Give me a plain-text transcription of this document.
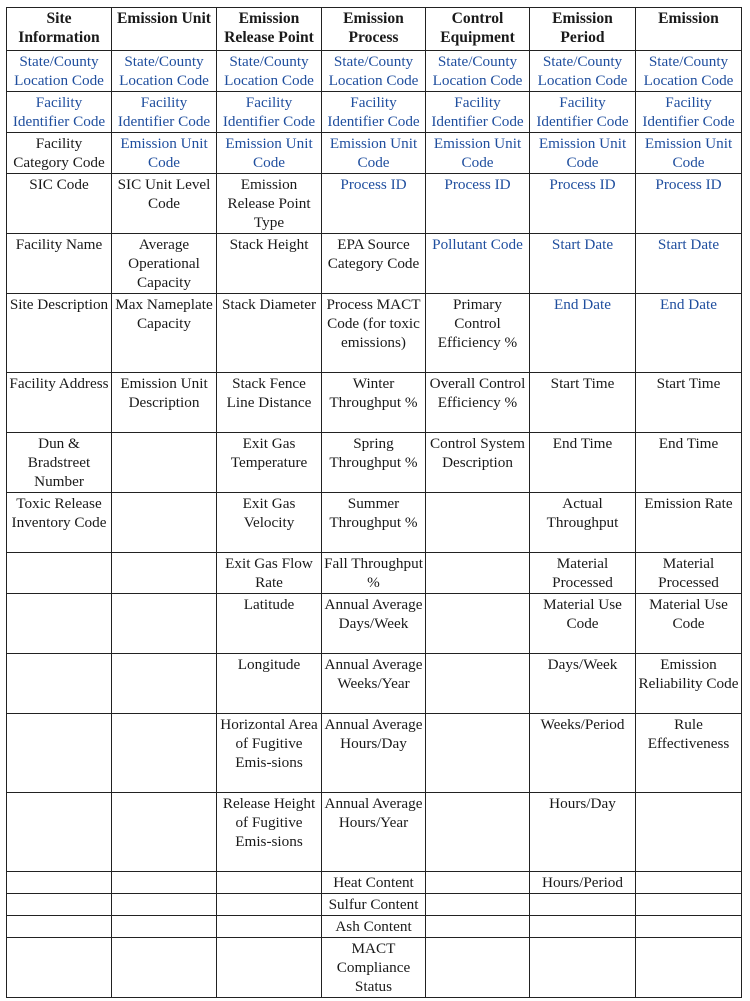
Site Information	Emission Unit	Emission Release Point	Emission Process	Control Equipment	Emission Period	Emission
State/County Location Code	State/County Location Code	State/County Location Code	State/County Location Code	State/County Location Code	State/County Location Code	State/County Location Code
Facility Identifier Code	Facility Identifier Code	Facility Identifier Code	Facility Identifier Code	Facility Identifier Code	Facility Identifier Code	Facility Identifier Code
Facility Category Code	Emission Unit Code	Emission Unit Code	Emission Unit Code	Emission Unit Code	Emission Unit Code	Emission Unit Code
SIC Code	SIC Unit Level Code	Emission Release Point Type	Process ID	Process ID	Process ID	Process ID
Facility Name	Average Operational Capacity	Stack Height	EPA Source Category Code	Pollutant Code	Start Date	Start Date
Site Description	Max Nameplate Capacity	Stack Diameter	Process MACT Code (for toxic emissions)	Primary Control Efficiency %	End Date	End Date
Facility Address	Emission Unit Description	Stack Fence Line Distance	Winter Throughput %	Overall Control Efficiency %	Start Time	Start Time
Dun & Bradstreet Number		Exit Gas Temperature	Spring Throughput %	Control System Description	End Time	End Time
Toxic Release Inventory Code		Exit Gas Velocity	Summer Throughput %		Actual Throughput	Emission Rate
		Exit Gas Flow Rate	Fall Throughput %		Material Processed	Material Processed
		Latitude	Annual Average Days/Week		Material Use Code	Material Use Code
		Longitude	Annual Average Weeks/Year		Days/Week	Emission Reliability Code
		Horizontal Area of Fugitive Emis-sions	Annual Average Hours/Day		Weeks/Period	Rule Effectiveness
		Release Height of Fugitive Emis-sions	Annual Average Hours/Year		Hours/Day	
			Heat Content		Hours/Period	
			Sulfur Content			
			Ash Content			
			MACT Compliance Status			
